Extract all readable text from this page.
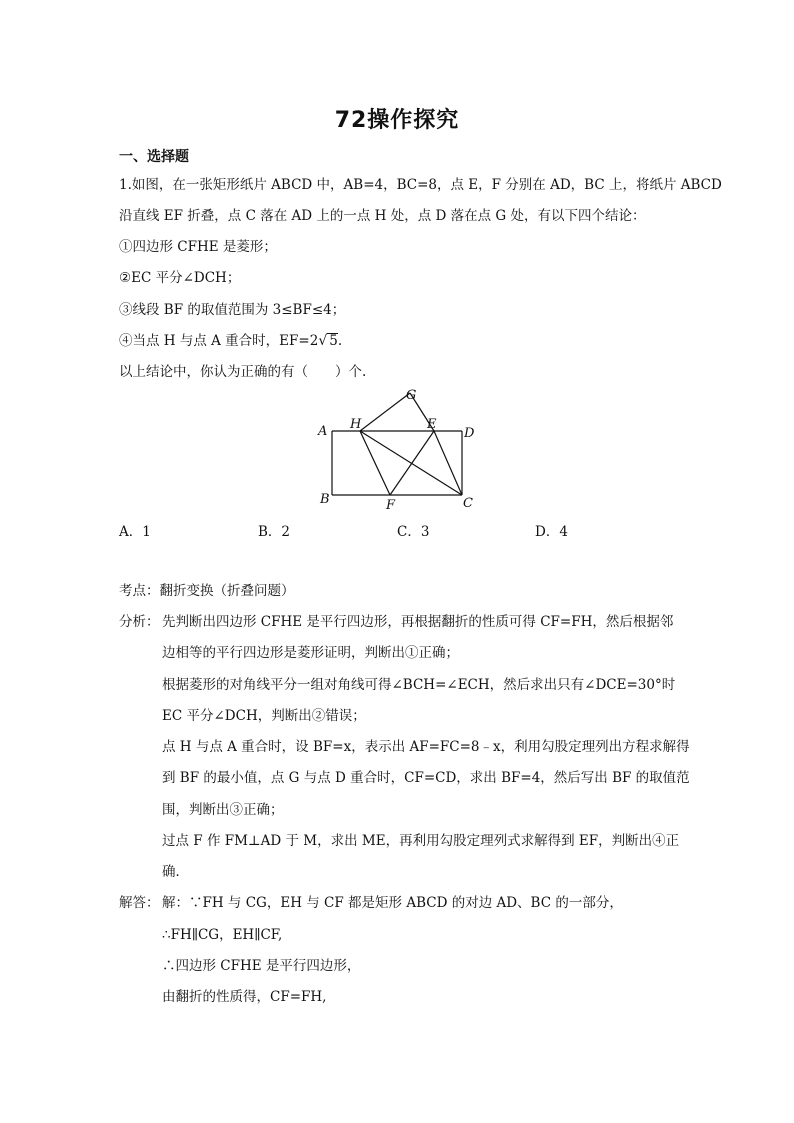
72操作探究
一、选择题
1.如图，在一张矩形纸片 ABCD 中，AB=4，BC=8，点 E，F 分别在 AD，BC 上，将纸片 ABCD
沿直线 EF 折叠，点 C 落在 AD 上的一点 H 处，点 D 落在点 G 处，有以下四个结论：
①四边形 CFHE 是菱形；
②EC 平分∠DCH；
③线段 BF 的取值范围为 3≤BF≤4；
④当点 H 与点 A 重合时，EF=2√ 5.
以上结论中，你认为正确的有（　　）个.
A
B	C
D
E
F
G
H
A．1	B．2	C．3	D．4
考点：翻折变换（折叠问题）
分析： 先判断出四边形 CFHE 是平行四边形，再根据翻折的性质可得 CF=FH，然后根据邻
边相等的平行四边形是菱形证明，判断出①正确；
根据菱形的对角线平分一组对角线可得∠BCH=∠ECH，然后求出只有∠DCE=30°时
EC 平分∠DCH，判断出②错误；
点 H 与点 A 重合时，设 BF=x，表示出 AF=FC=8﹣x，利用勾股定理列出方程求解得
到 BF 的最小值，点 G 与点 D 重合时，CF=CD，求出 BF=4，然后写出 BF 的取值范
围，判断出③正确；
过点 F 作 FM⊥AD 于 M，求出 ME，再利用勾股定理列式求解得到 EF，判断出④正
确．
解答： 解：∵FH 与 CG，EH 与 CF 都是矩形 ABCD 的对边 AD、BC 的一部分，
∴FH∥CG，EH∥CF,
∴四边形 CFHE 是平行四边形，
由翻折的性质得，CF=FH,
